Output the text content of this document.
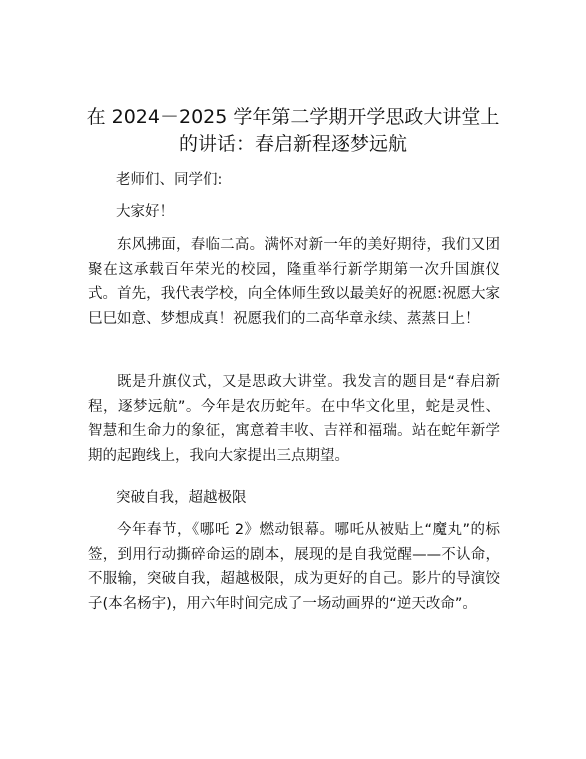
在 2024－2025 学年第二学期开学思政大讲堂上
的讲话：春启新程逐梦远航

老师们、同学们:

大家好！

东风拂面，春临二高。满怀对新一年的美好期待，我们又团聚在这承载百年荣光的校园，隆重举行新学期第一次升国旗仪式。首先，我代表学校，向全体师生致以最美好的祝愿:祝愿大家巳巳如意、梦想成真！祝愿我们的二高华章永续、蒸蒸日上！

既是升旗仪式，又是思政大讲堂。我发言的题目是“春启新程，逐梦远航”。今年是农历蛇年。在中华文化里，蛇是灵性、智慧和生命力的象征，寓意着丰收、吉祥和福瑞。站在蛇年新学期的起跑线上，我向大家提出三点期望。

突破自我，超越极限

今年春节，《哪吒 2》燃动银幕。哪吒从被贴上“魔丸”的标签，到用行动撕碎命运的剧本，展现的是自我觉醒——不认命，不服输，突破自我，超越极限，成为更好的自己。影片的导演饺子(本名杨宇)，用六年时间完成了一场动画界的“逆天改命”。
